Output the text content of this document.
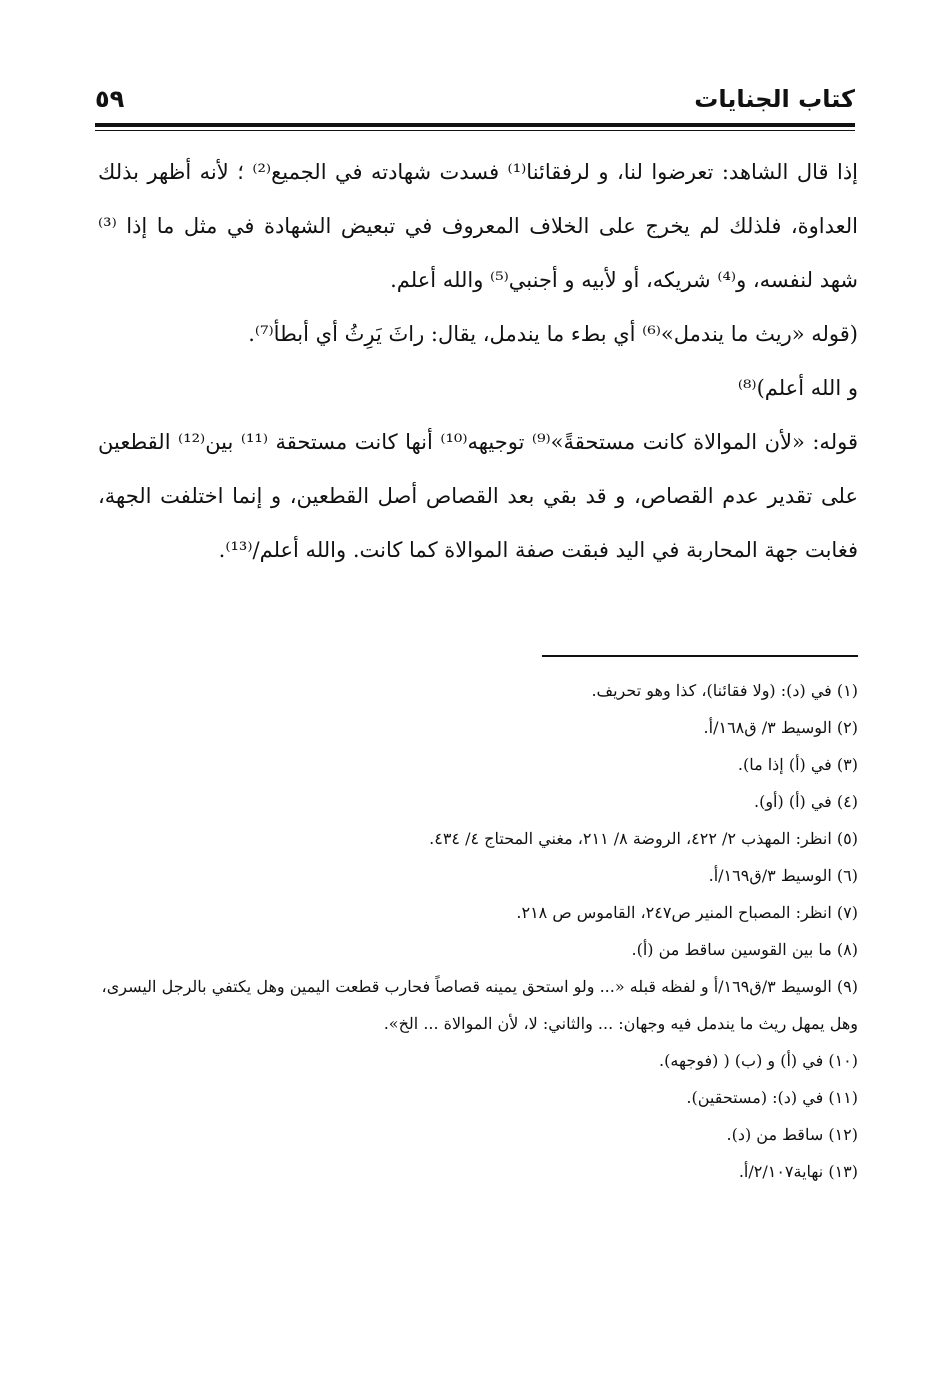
كتاب الجنايات
٥٩

إذا قال الشاهد: تعرضوا لنا، و لرفقائنا⁽¹⁾ فسدت شهادته في الجميع⁽²⁾ ؛ لأنه أظهر بذلك العداوة، فلذلك لم يخرج على الخلاف المعروف في تبعيض الشهادة في مثل ما إذا ⁽³⁾ شهد لنفسه، و⁽⁴⁾ شريكه، أو لأبيه و أجنبي⁽⁵⁾ والله أعلم.

(قوله «ريث ما يندمل»⁽⁶⁾ أي بطء ما يندمل، يقال: راثَ يَرِثُ أي أبطأ⁽⁷⁾.

و الله أعلم)⁽⁸⁾

قوله: «لأن الموالاة كانت مستحقةً»⁽⁹⁾ توجيهه⁽¹⁰⁾ أنها كانت مستحقة ⁽¹¹⁾ بين⁽¹²⁾ القطعين على تقدير عدم القصاص، و قد بقي بعد القصاص أصل القطعين، و إنما اختلفت الجهة، فغابت جهة المحاربة في اليد فبقت صفة الموالاة كما كانت. والله أعلم/⁽¹³⁾.

(١) في (د): (ولا فقائنا)، كذا وهو تحريف.

(٢) الوسيط ٣/ ق١٦٨/أ.

(٣) في (أ) إذا ما).

(٤) في (أ) (أو).

(٥) انظر: المهذب ٢/ ٤٢٢، الروضة ٨/ ٢١١، مغني المحتاج ٤/ ٤٣٤.

(٦) الوسيط ٣/ق١٦٩/أ.

(٧) انظر: المصباح المنير ص٢٤٧، القاموس ص ٢١٨.

(٨) ما بين القوسين ساقط من (أ).

(٩) الوسيط ٣/ق١٦٩/أ و لفظه قبله «... ولو استحق يمينه قصاصاً فحارب قطعت اليمين وهل يكتفي بالرجل اليسرى، وهل يمهل ريث ما يندمل فيه وجهان: ... والثاني: لا، لأن الموالاة ... الخ».

(١٠) في (أ) و (ب) ( (فوجهه).

(١١) في (د): (مستحقين).

(١٢) ساقط من (د).

(١٣) نهاية٢/١٠٧/أ.
